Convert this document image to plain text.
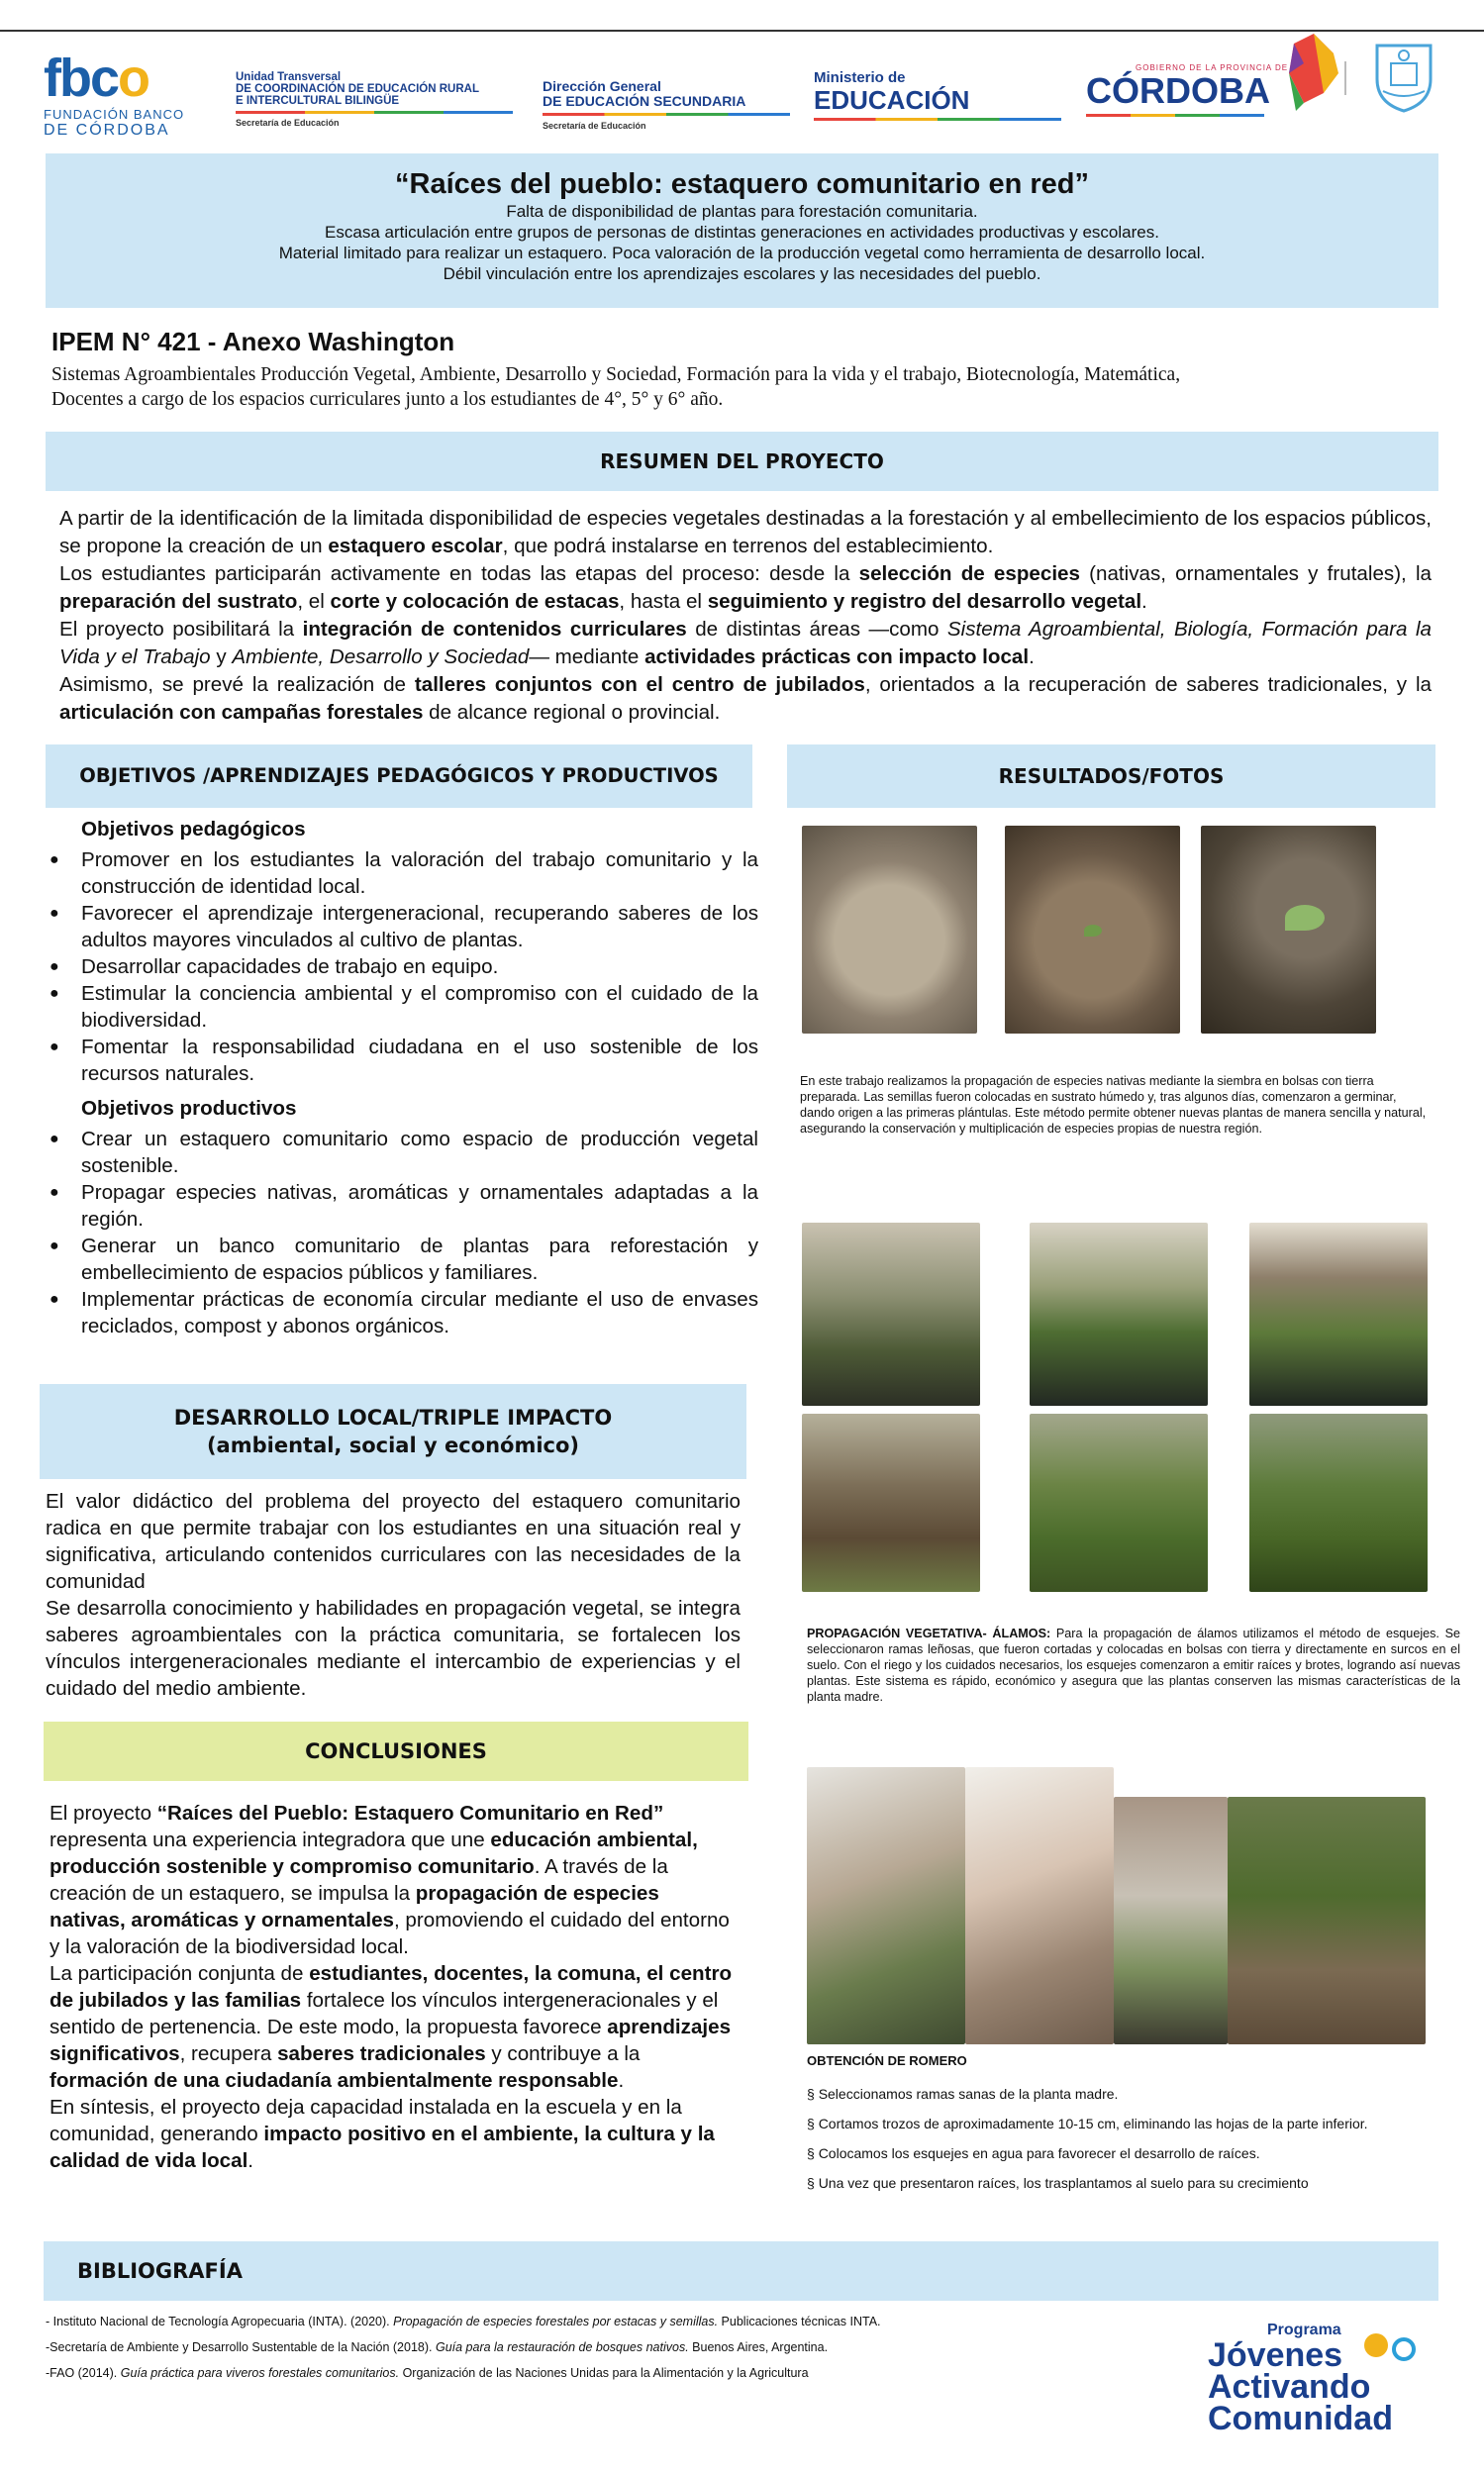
fbco
FUNDACIÓN BANCO
DE CÓRDOBA
Unidad Transversal
DE COORDINACIÓN DE EDUCACIÓN RURAL
E INTERCULTURAL BILINGÜE
Secretaría de Educación
Dirección General
DE EDUCACIÓN SECUNDARIA
Secretaría de Educación
Ministerio de
EDUCACIÓN
GOBIERNO DE LA PROVINCIA DE
CÓRDOBA
“Raíces del pueblo: estaquero comunitario en red”

Falta de disponibilidad de plantas para forestación comunitaria.

Escasa articulación entre grupos de personas de distintas generaciones en actividades productivas y escolares.

Material limitado para realizar un estaquero. Poca valoración de la producción vegetal como herramienta de desarrollo local.

Débil vinculación entre los aprendizajes escolares y las necesidades del pueblo.

IPEM N° 421 - Anexo Washington
Sistemas Agroambientales Producción Vegetal, Ambiente, Desarrollo y Sociedad, Formación para la vida y el trabajo, Biotecnología, Matemática,
Docentes a cargo de los espacios curriculares junto a los estudiantes de 4°, 5° y 6° año.
RESUMEN DEL PROYECTO
A partir de la identificación de la limitada disponibilidad de especies vegetales destinadas a la forestación y al embellecimiento de los espacios públicos, se propone la creación de un estaquero escolar, que podrá instalarse en terrenos del establecimiento.
Los estudiantes participarán activamente en todas las etapas del proceso: desde la selección de especies (nativas, ornamentales y frutales), la preparación del sustrato, el corte y colocación de estacas, hasta el seguimiento y registro del desarrollo vegetal.
El proyecto posibilitará la integración de contenidos curriculares de distintas áreas —como Sistema Agroambiental, Biología, Formación para la Vida y el Trabajo y Ambiente, Desarrollo y Sociedad— mediante actividades prácticas con impacto local.
Asimismo, se prevé la realización de talleres conjuntos con el centro de jubilados, orientados a la recuperación de saberes tradicionales, y la articulación con campañas forestales de alcance regional o provincial.
OBJETIVOS /APRENDIZAJES PEDAGÓGICOS Y PRODUCTIVOS
Objetivos pedagógicos
● Promover en los estudiantes la valoración del trabajo comunitario y la construcción de identidad local.
● Favorecer el aprendizaje intergeneracional, recuperando saberes de los adultos mayores vinculados al cultivo de plantas.
● Desarrollar capacidades de trabajo en equipo.
● Estimular la conciencia ambiental y el compromiso con el cuidado de la biodiversidad.
● Fomentar la responsabilidad ciudadana en el uso sostenible de los recursos naturales.
Objetivos productivos
● Crear un estaquero comunitario como espacio de producción vegetal sostenible.
● Propagar especies nativas, aromáticas y ornamentales adaptadas a la región.
● Generar un banco comunitario de plantas para reforestación y embellecimiento de espacios públicos y familiares.
● Implementar prácticas de economía circular mediante el uso de envases reciclados, compost y abonos orgánicos.
DESARROLLO LOCAL/TRIPLE IMPACTO
(ambiental, social y económico)
El valor didáctico del problema del proyecto del estaquero comunitario radica en que permite trabajar con los estudiantes en una situación real y significativa, articulando contenidos curriculares con las necesidades de la comunidad
Se desarrolla conocimiento y habilidades en propagación vegetal, se integra saberes agroambientales con la práctica comunitaria, se fortalecen los vínculos intergeneracionales mediante el intercambio de experiencias y el cuidado del medio ambiente.
CONCLUSIONES
El proyecto “Raíces del Pueblo: Estaquero Comunitario en Red” representa una experiencia integradora que une educación ambiental, producción sostenible y compromiso comunitario. A través de la creación de un estaquero, se impulsa la propagación de especies nativas, aromáticas y ornamentales, promoviendo el cuidado del entorno y la valoración de la biodiversidad local.
La participación conjunta de estudiantes, docentes, la comuna, el centro de jubilados y las familias fortalece los vínculos intergeneracionales y el sentido de pertenencia. De este modo, la propuesta favorece aprendizajes significativos, recupera saberes tradicionales y contribuye a la formación de una ciudadanía ambientalmente responsable.
En síntesis, el proyecto deja capacidad instalada en la escuela y en la comunidad, generando impacto positivo en el ambiente, la cultura y la calidad de vida local.
RESULTADOS/FOTOS
En este trabajo realizamos la propagación de especies nativas mediante la siembra en bolsas con tierra preparada. Las semillas fueron colocadas en sustrato húmedo y, tras algunos días, comenzaron a germinar, dando origen a las primeras plántulas. Este método permite obtener nuevas plantas de manera sencilla y natural, asegurando la conservación y multiplicación de especies propias de nuestra región.
PROPAGACIÓN VEGETATIVA- ÁLAMOS: Para la propagación de álamos utilizamos el método de esquejes. Se seleccionaron ramas leñosas, que fueron cortadas y colocadas en bolsas con tierra y directamente en surcos en el suelo. Con el riego y los cuidados necesarios, los esquejes comenzaron a emitir raíces y brotes, logrando así nuevas plantas. Este sistema es rápido, económico y asegura que las plantas conserven las mismas características de la planta madre.
OBTENCIÓN DE ROMERO
§ Seleccionamos ramas sanas de la planta madre.
§ Cortamos trozos de aproximadamente 10-15 cm, eliminando las hojas de la parte inferior.
§ Colocamos los esquejes en agua para favorecer el desarrollo de raíces.
§ Una vez que presentaron raíces, los trasplantamos al suelo para su crecimiento
BIBLIOGRAFÍA
- Instituto Nacional de Tecnología Agropecuaria (INTA). (2020). Propagación de especies forestales por estacas y semillas. Publicaciones técnicas INTA.
-Secretaría de Ambiente y Desarrollo Sustentable de la Nación (2018). Guía para la restauración de bosques nativos. Buenos Aires, Argentina.
-FAO (2014). Guía práctica para viveros forestales comunitarios. Organización de las Naciones Unidas para la Alimentación y la Agricultura
Programa
Jóvenes
Activando
Comunidad
